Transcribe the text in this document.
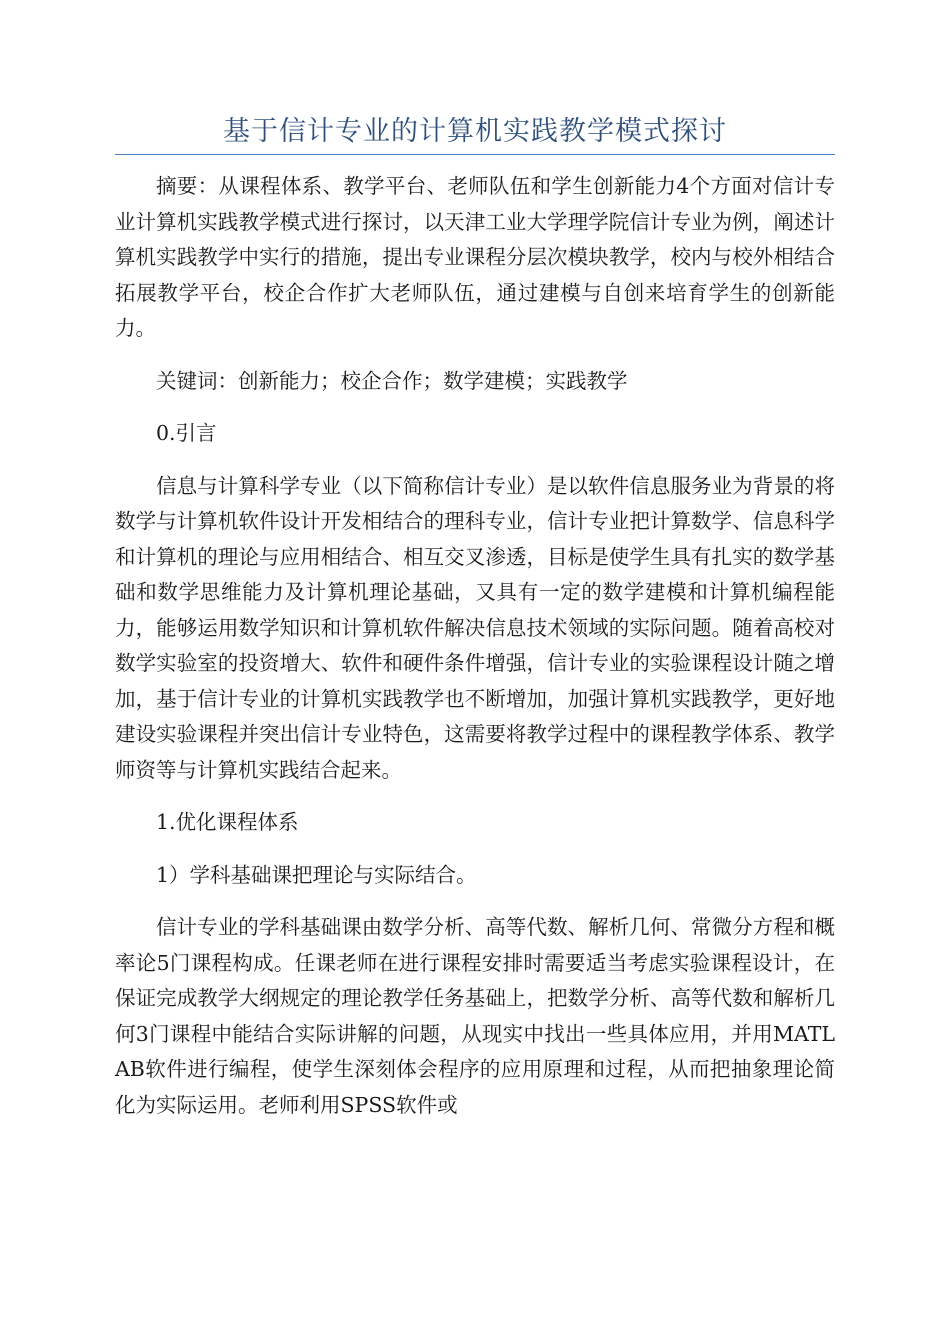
基于信计专业的计算机实践教学模式探讨

摘要：从课程体系、教学平台、老师队伍和学生创新能力4个方面对信计专业计算机实践教学模式进行探讨，以天津工业大学理学院信计专业为例，阐述计算机实践教学中实行的措施，提出专业课程分层次模块教学，校内与校外相结合拓展教学平台，校企合作扩大老师队伍，通过建模与自创来培育学生的创新能力。

关键词：创新能力；校企合作；数学建模；实践教学

0.引言

信息与计算科学专业（以下简称信计专业）是以软件信息服务业为背景的将数学与计算机软件设计开发相结合的理科专业，信计专业把计算数学、信息科学和计算机的理论与应用相结合、相互交叉渗透，目标是使学生具有扎实的数学基础和数学思维能力及计算机理论基础，又具有一定的数学建模和计算机编程能力，能够运用数学知识和计算机软件解决信息技术领域的实际问题。随着高校对数学实验室的投资增大、软件和硬件条件增强，信计专业的实验课程设计随之增加，基于信计专业的计算机实践教学也不断增加，加强计算机实践教学，更好地建设实验课程并突出信计专业特色，这需要将教学过程中的课程教学体系、教学师资等与计算机实践结合起来。

1.优化课程体系

1）学科基础课把理论与实际结合。

信计专业的学科基础课由数学分析、高等代数、解析几何、常微分方程和概率论5门课程构成。任课老师在进行课程安排时需要适当考虑实验课程设计，在保证完成教学大纲规定的理论教学任务基础上，把数学分析、高等代数和解析几何3门课程中能结合实际讲解的问题，从现实中找出一些具体应用，并用MATLAB软件进行编程，使学生深刻体会程序的应用原理和过程，从而把抽象理论简化为实际运用。老师利用SPSS软件或
